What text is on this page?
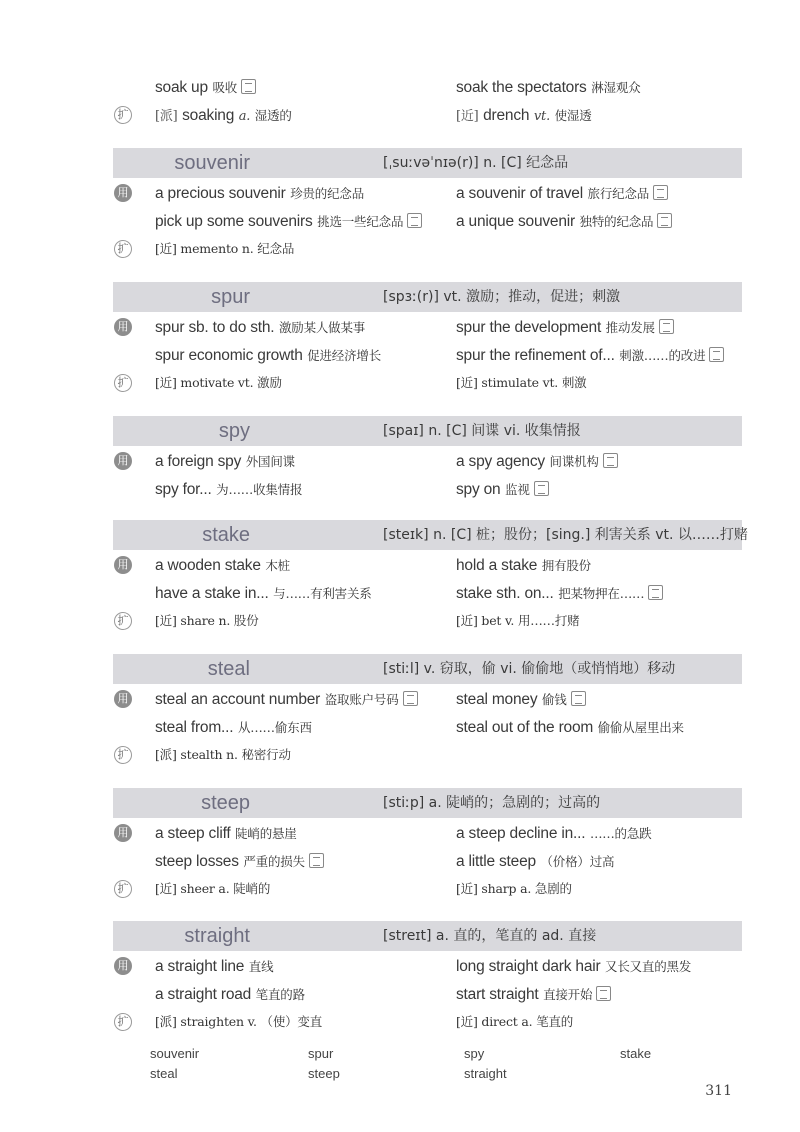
soak up 吸收	soak the spectators 淋湿观众
扩 [派] soaking a. 湿透的	[近] drench vt. 使湿透
souvenir	[ˌsuːvəˈnɪə(r)] n. [C] 纪念品
用 a precious souvenir 珍贵的纪念品	a souvenir of travel 旅行纪念品
pick up some souvenirs 挑选一些纪念品	a unique souvenir 独特的纪念品
扩 [近] memento n. 纪念品
spur	[spɜː(r)] vt. 激励；推动，促进；刺激
用 spur sb. to do sth. 激励某人做某事	spur the development 推动发展
spur economic growth 促进经济增长	spur the refinement of... 刺激……的改进
扩 [近] motivate vt. 激励	[近] stimulate vt. 刺激
spy	[spaɪ] n. [C] 间谍 vi. 收集情报
用 a foreign spy 外国间谍	a spy agency 间谍机构
spy for... 为……收集情报	spy on 监视
stake	[steɪk] n. [C] 桩；股份；[sing.] 利害关系 vt. 以……打赌
用 a wooden stake 木桩	hold a stake 拥有股份
have a stake in... 与……有利害关系	stake sth. on... 把某物押在……
扩 [近] share n. 股份	[近] bet v. 用……打赌
steal	[stiːl] v. 窃取，偷 vi. 偷偷地（或悄悄地）移动
用 steal an account number 盗取账户号码	steal money 偷钱
steal from... 从……偷东西	steal out of the room 偷偷从屋里出来
扩 [派] stealth n. 秘密行动
steep	[stiːp] a. 陡峭的；急剧的；过高的
用 a steep cliff 陡峭的悬崖	a steep decline in... ……的急跌
steep losses 严重的损失	a little steep （价格）过高
扩 [近] sheer a. 陡峭的	[近] sharp a. 急剧的
straight	[streɪt] a. 直的，笔直的 ad. 直接
用 a straight line 直线	long straight dark hair 又长又直的黑发
a straight road 笔直的路	start straight 直接开始
扩 [派] straighten v. （使）变直	[近] direct a. 笔直的
souvenir	spur	spy	stake
steal	steep	straight
311
